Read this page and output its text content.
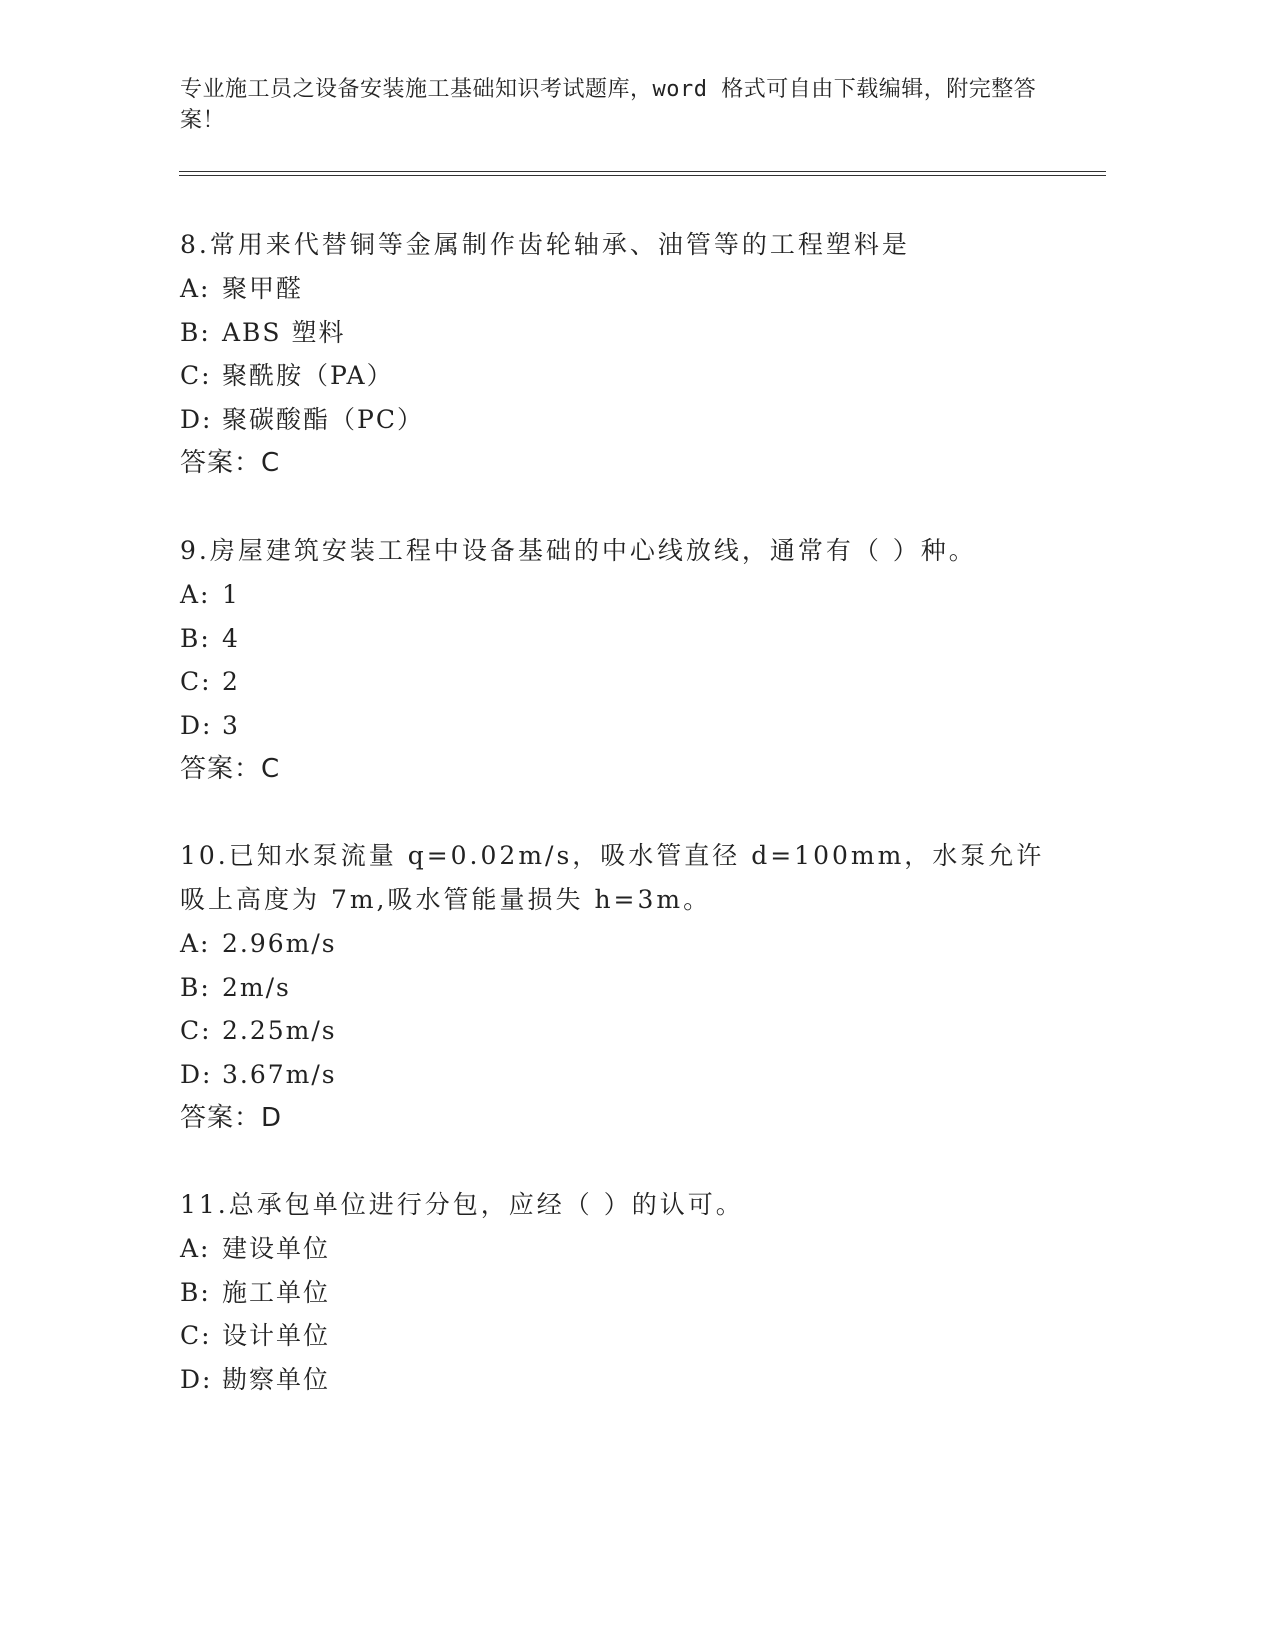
专业施工员之设备安装施工基础知识考试题库，word 格式可自由下载编辑，附完整答案！

8.常用来代替铜等金属制作齿轮轴承、油管等的工程塑料是

A: 聚甲醛

B: ABS 塑料

C: 聚酰胺（PA）

D: 聚碳酸酯（PC）

答案：C

9.房屋建筑安装工程中设备基础的中心线放线，通常有（ ）种。

A: 1

B: 4

C: 2

D: 3

答案：C

10.已知水泵流量 q=0.02m/s，吸水管直径 d=100mm，水泵允许吸上高度为 7m,吸水管能量损失 h=3m。

A: 2.96m/s

B: 2m/s

C: 2.25m/s

D: 3.67m/s

答案：D

11.总承包单位进行分包，应经（ ）的认可。

A: 建设单位

B: 施工单位

C: 设计单位

D: 勘察单位
